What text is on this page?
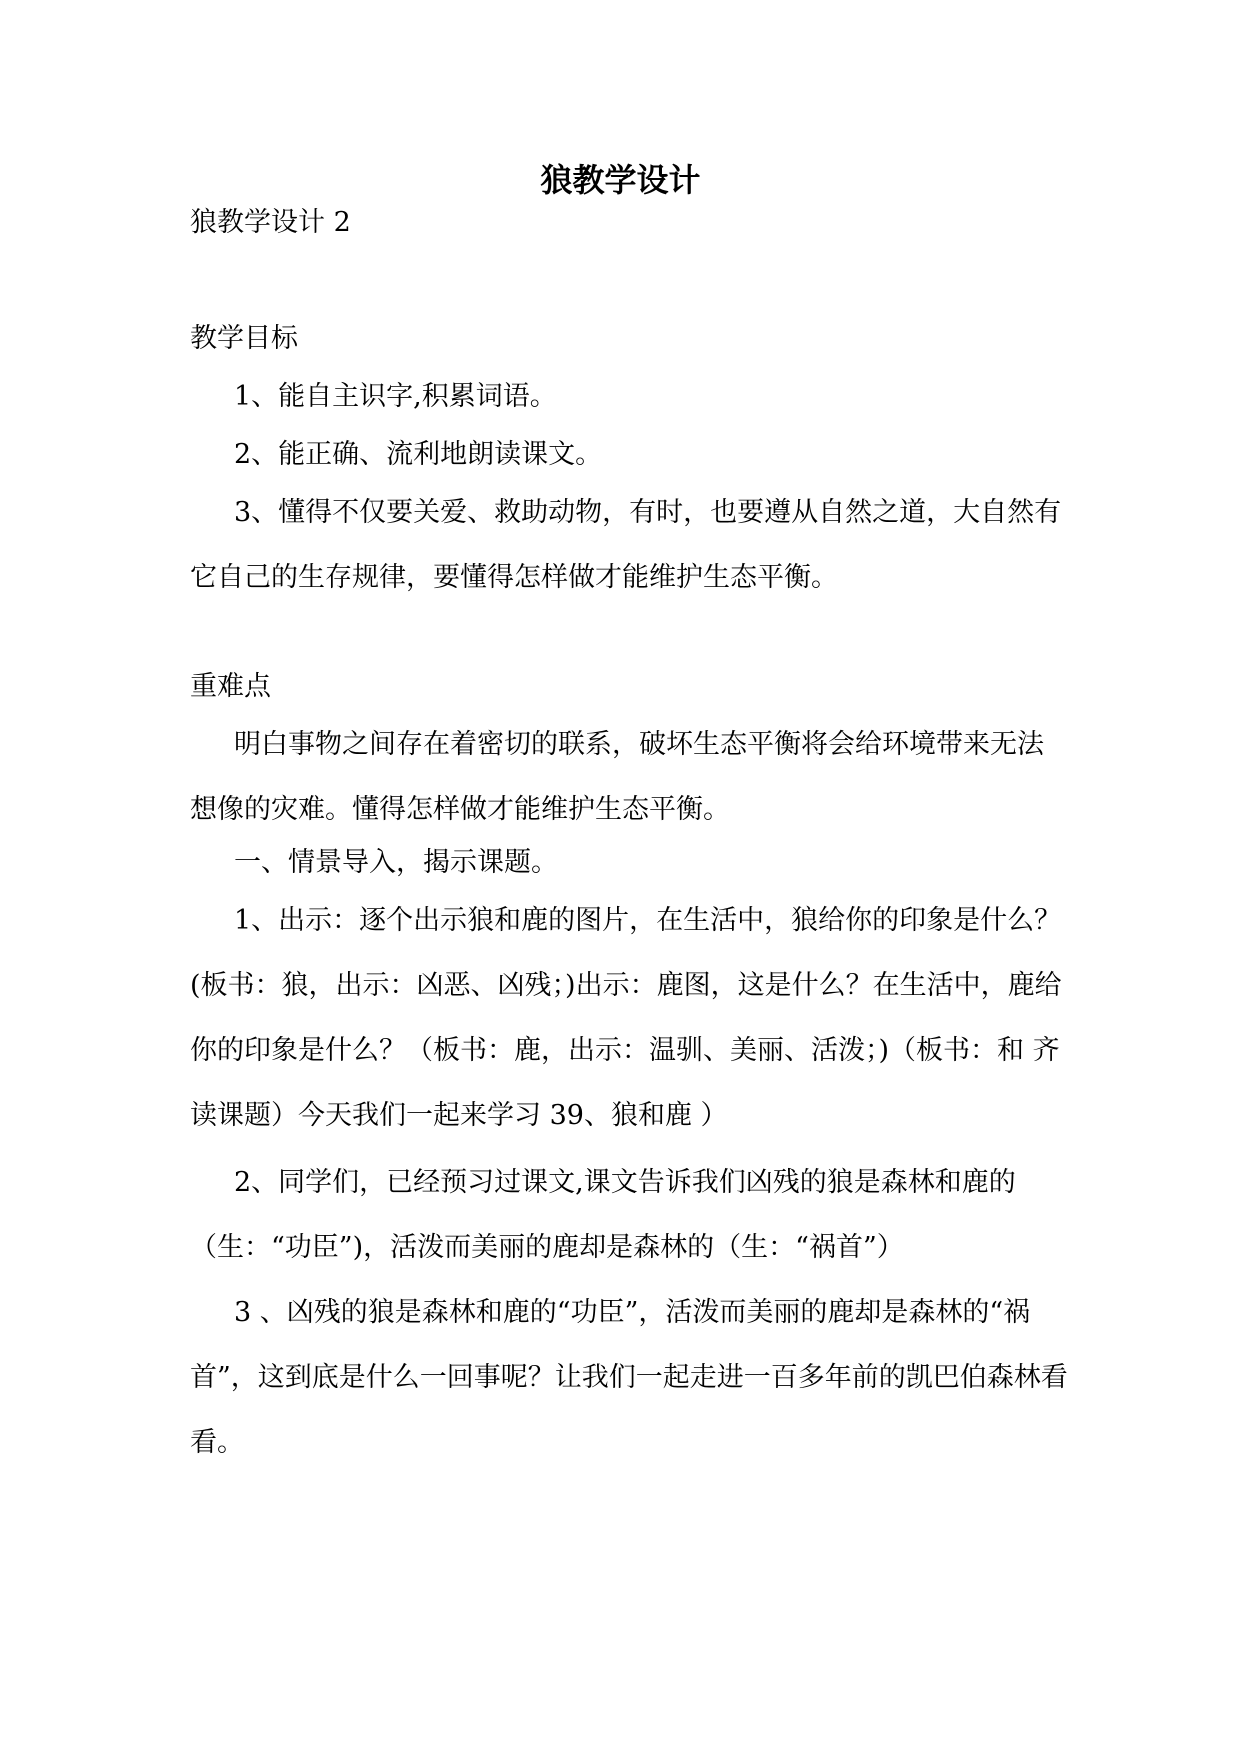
狼教学设计

狼教学设计 2

教学目标

1、能自主识字,积累词语。

2、能正确、流利地朗读课文。

3、懂得不仅要关爱、救助动物，有时，也要遵从自然之道，大自然有它自己的生存规律，要懂得怎样做才能维护生态平衡。

重难点

明白事物之间存在着密切的联系，破坏生态平衡将会给环境带来无法想像的灾难。懂得怎样做才能维护生态平衡。

一、情景导入，揭示课题。

1、出示：逐个出示狼和鹿的图片，在生活中，狼给你的印象是什么？(板书：狼，出示：凶恶、凶残；)出示：鹿图，这是什么？在生活中，鹿给你的印象是什么？（板书：鹿，出示：温驯、美丽、活泼；)（板书：和 齐读课题）今天我们一起来学习 39、狼和鹿 ）

2、同学们，已经预习过课文,课文告诉我们凶残的狼是森林和鹿的（生：“功臣”)，活泼而美丽的鹿却是森林的（生：“祸首”）

3 、凶残的狼是森林和鹿的“功臣”，活泼而美丽的鹿却是森林的“祸首”，这到底是什么一回事呢？让我们一起走进一百多年前的凯巴伯森林看看。
